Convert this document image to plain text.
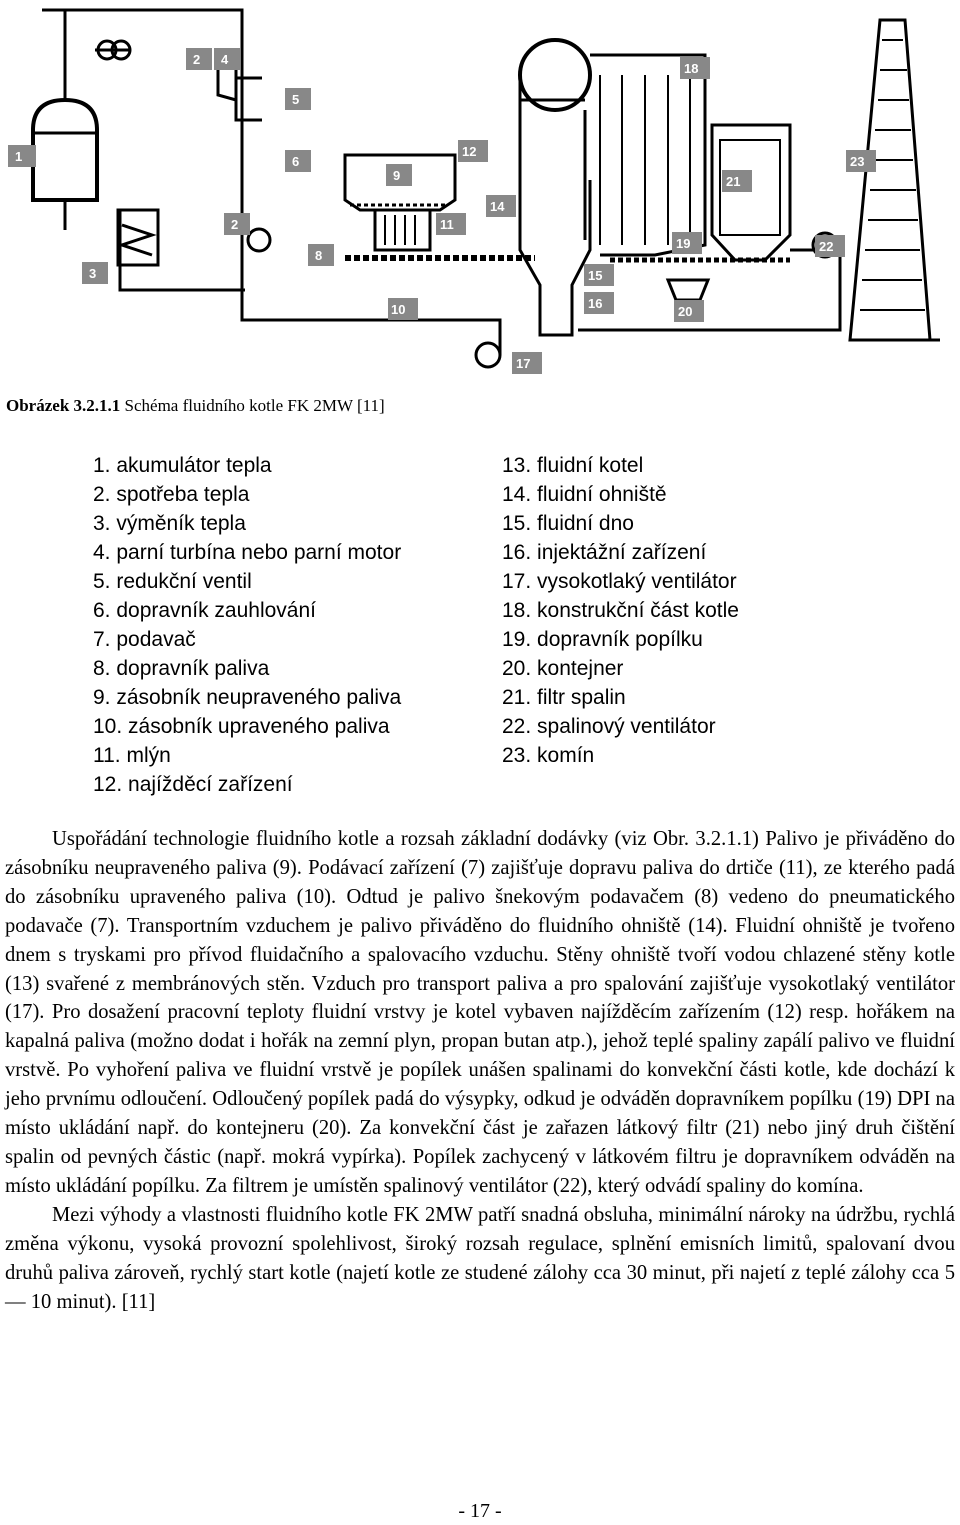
1
2
2
3
4
5
6
8
9
10
11
12
14
15
16
17
18
19
20
21
22
23
Obrázek 3.2.1.1 Schéma fluidního kotle FK 2MW [11]
1. akumulátor tepla
2. spotřeba tepla
3. výměník tepla
4. parní turbína nebo parní motor
5. redukční ventil
6. dopravník zauhlování
7. podavač
8. dopravník paliva
9. zásobník neupraveného paliva
10. zásobník upraveného paliva
11. mlýn
12. najížděcí zařízení
13. fluidní kotel
14. fluidní ohniště
15. fluidní dno
16. injektážní zařízení
17. vysokotlaký ventilátor
18. konstrukční část kotle
19. dopravník popílku
20. kontejner
21. filtr spalin
22. spalinový ventilátor
23. komín

Uspořádání technologie fluidního kotle a rozsah základní dodávky (viz Obr. 3.2.1.1) Palivo je přiváděno do zásobníku neupraveného paliva (9). Podávací zařízení (7) zajišťuje dopravu paliva do drtiče (11), ze kterého padá do zásobníku upraveného paliva (10). Odtud je palivo šnekovým podavačem (8) vedeno do pneumatického podavače (7). Transportním vzduchem je palivo přiváděno do fluidního ohniště (14). Fluidní ohniště je tvořeno dnem s tryskami pro přívod fluidačního a spalovacího vzduchu. Stěny ohniště tvoří vodou chlazené stěny kotle (13) svařené z membránových stěn. Vzduch pro transport paliva a pro spalování zajišťuje vysokotlaký ventilátor (17). Pro dosažení pracovní teploty fluidní vrstvy je kotel vybaven najížděcím zařízením (12) resp. hořákem na kapalná paliva (možno dodat i hořák na zemní plyn, propan butan atp.), jehož teplé spaliny zapálí palivo ve fluidní vrstvě. Po vyhoření paliva ve fluidní vrstvě je popílek unášen spalinami do konvekční části kotle, kde dochází k jeho prvnímu odloučení. Odloučený popílek padá do výsypky, odkud je odváděn dopravníkem popílku (19) DPI na místo ukládání např. do kontejneru (20). Za konvekční část je zařazen látkový filtr (21) nebo jiný druh čištění spalin od pevných částic (např. mokrá vypírka). Popílek zachycený v látkovém filtru je dopravníkem odváděn na místo ukládání popílku. Za filtrem je umístěn spalinový ventilátor (22), který odvádí spaliny do komína.

Mezi výhody a vlastnosti fluidního kotle FK 2MW patří snadná obsluha, minimální nároky na údržbu, rychlá změna výkonu, vysoká provozní spolehlivost, široký rozsah regulace, splnění emisních limitů, spalovaní dvou druhů paliva zároveň, rychlý start kotle (najetí kotle ze studené zálohy cca 30 minut, při najetí z teplé zálohy cca 5 — 10 minut). [11]

- 17 -
